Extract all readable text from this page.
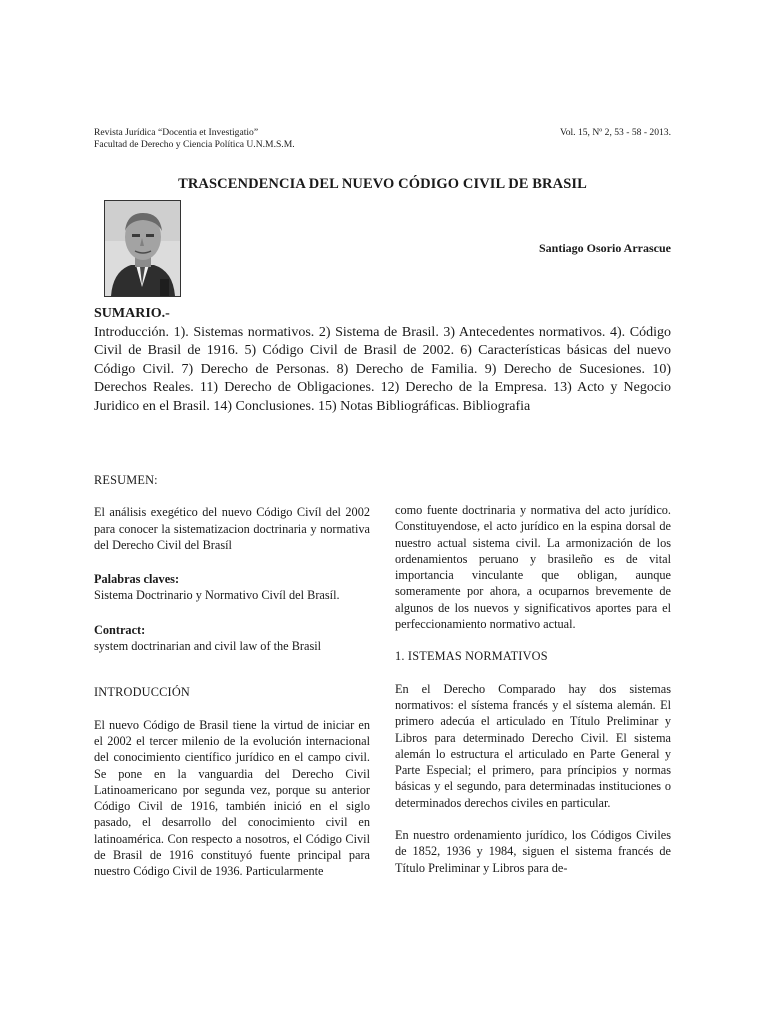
Revista Jurídica “Docentia et Investigatio”
Facultad de Derecho y Ciencia Política U.N.M.S.M.
Vol. 15, Nº 2, 53 - 58 - 2013.
TRASCENDENCIA DEL NUEVO CÓDIGO CIVIL DE BRASIL
Santiago Osorio Arrascue
SUMARIO.-
Introducción. 1). Sistemas normativos. 2) Sistema de Brasil. 3) Antecedentes normativos. 4). Código Civil de Brasil de 1916. 5) Código Civil de Brasil de 2002. 6) Características básicas del nuevo Código Civil. 7) Derecho de Personas. 8) Derecho de Familia. 9) Derecho de Sucesiones. 10) Derechos Reales. 11) Derecho de Obligaciones. 12) Derecho de la Empresa. 13) Acto y Negocio Juridico en el Brasil. 14) Conclusiones. 15) Notas Bibliográficas. Bibliografia
RESUMEN:

El análisis exegético del nuevo Código Civíl del 2002 para conocer la sistematizacion doctrinaria y normativa del Derecho Civil del Brasíl

Palabras claves:

Sistema Doctrinario y Normativo Civíl del Brasíl.

Contract:

system doctrinarian and civil law of the Brasil

INTRODUCCIÓN

El nuevo Código de Brasil tiene la virtud de iniciar en el 2002 el tercer milenio de la evolución internacional del conocimiento científico jurídico en el campo civil. Se pone en la vanguardia del Derecho Civil Latinoamericano por segunda vez, porque su anterior Código Civil de 1916, también inició en el siglo pasado, el desarrollo del conocimiento civil en latinoamérica. Con respecto a nosotros, el Código Civil de Brasil de 1916 constituyó fuente principal para nuestro Código Civil de 1936. Particularmente

como fuente doctrinaria y normativa del acto jurídico. Constituyendose, el acto jurídico en la espina dorsal de nuestro actual sistema civil. La armonización de los ordenamientos peruano y brasileño es de vital importancia vinculante que obligan, aunque someramente por ahora, a ocuparnos brevemente de algunos de los nuevos y significativos aportes para el perfeccionamiento normativo actual.

1. ISTEMAS NORMATIVOS

En el Derecho Comparado hay dos sistemas normativos: el sístema francés y el sístema alemán. El primero adecúa el articulado en Título Preliminar y Libros para determinado Derecho Civil. El sistema alemán lo estructura el articulado en Parte General y Parte Especial; el primero, para príncipios y normas básicas y el segundo, para determinadas instituciones o determinados derechos civiles en particular.

En nuestro ordenamiento jurídico, los Códigos Civiles de 1852, 1936 y 1984, siguen el sistema francés de Título Preliminar y Libros para de-
